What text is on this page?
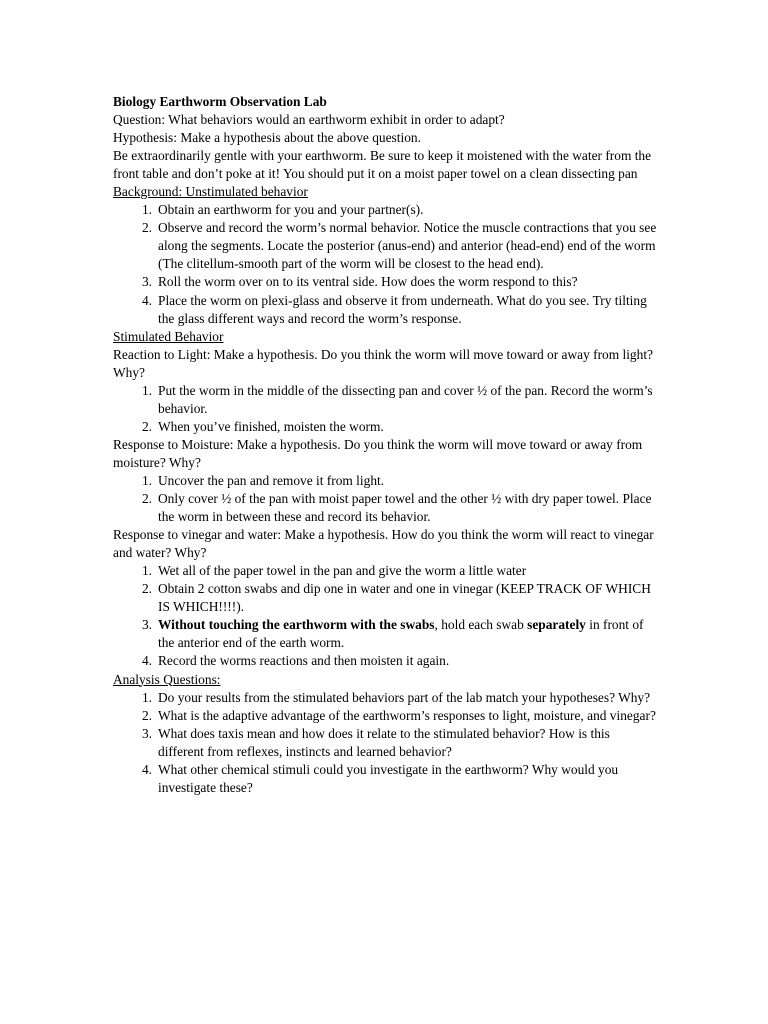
Biology Earthworm Observation Lab

Question: What behaviors would an earthworm exhibit in order to adapt?

Hypothesis: Make a hypothesis about the above question.

Be extraordinarily gentle with your earthworm. Be sure to keep it moistened with the water from the front table and don’t poke at it! You should put it on a moist paper towel on a clean dissecting pan

Background: Unstimulated behavior

1. Obtain an earthworm for you and your partner(s).
2. Observe and record the worm’s normal behavior. Notice the muscle contractions that you see along the segments. Locate the posterior (anus-end) and anterior (head-end) end of the worm (The clitellum-smooth part of the worm will be closest to the head end).
3. Roll the worm over on to its ventral side. How does the worm respond to this?
4. Place the worm on plexi-glass and observe it from underneath. What do you see. Try tilting the glass different ways and record the worm’s response.

Stimulated Behavior

Reaction to Light: Make a hypothesis. Do you think the worm will move toward or away from light? Why?

1. Put the worm in the middle of the dissecting pan and cover ½ of the pan. Record the worm’s behavior.
2. When you’ve finished, moisten the worm.

Response to Moisture: Make a hypothesis. Do you think the worm will move toward or away from moisture? Why?

1. Uncover the pan and remove it from light.
2. Only cover ½ of the pan with moist paper towel and the other ½ with dry paper towel. Place the worm in between these and record its behavior.

Response to vinegar and water: Make a hypothesis. How do you think the worm will react to vinegar and water? Why?

1. Wet all of the paper towel in the pan and give the worm a little water
2. Obtain 2 cotton swabs and dip one in water and one in vinegar (KEEP TRACK OF WHICH IS WHICH!!!!).
3. Without touching the earthworm with the swabs, hold each swab separately in front of the anterior end of the earth worm.
4. Record the worms reactions and then moisten it again.

Analysis Questions:

1. Do your results from the stimulated behaviors part of the lab match your hypotheses? Why?
2. What is the adaptive advantage of the earthworm’s responses to light, moisture, and vinegar?
3. What does taxis mean and how does it relate to the stimulated behavior? How is this different from reflexes, instincts and learned behavior?
4. What other chemical stimuli could you investigate in the earthworm? Why would you investigate these?
